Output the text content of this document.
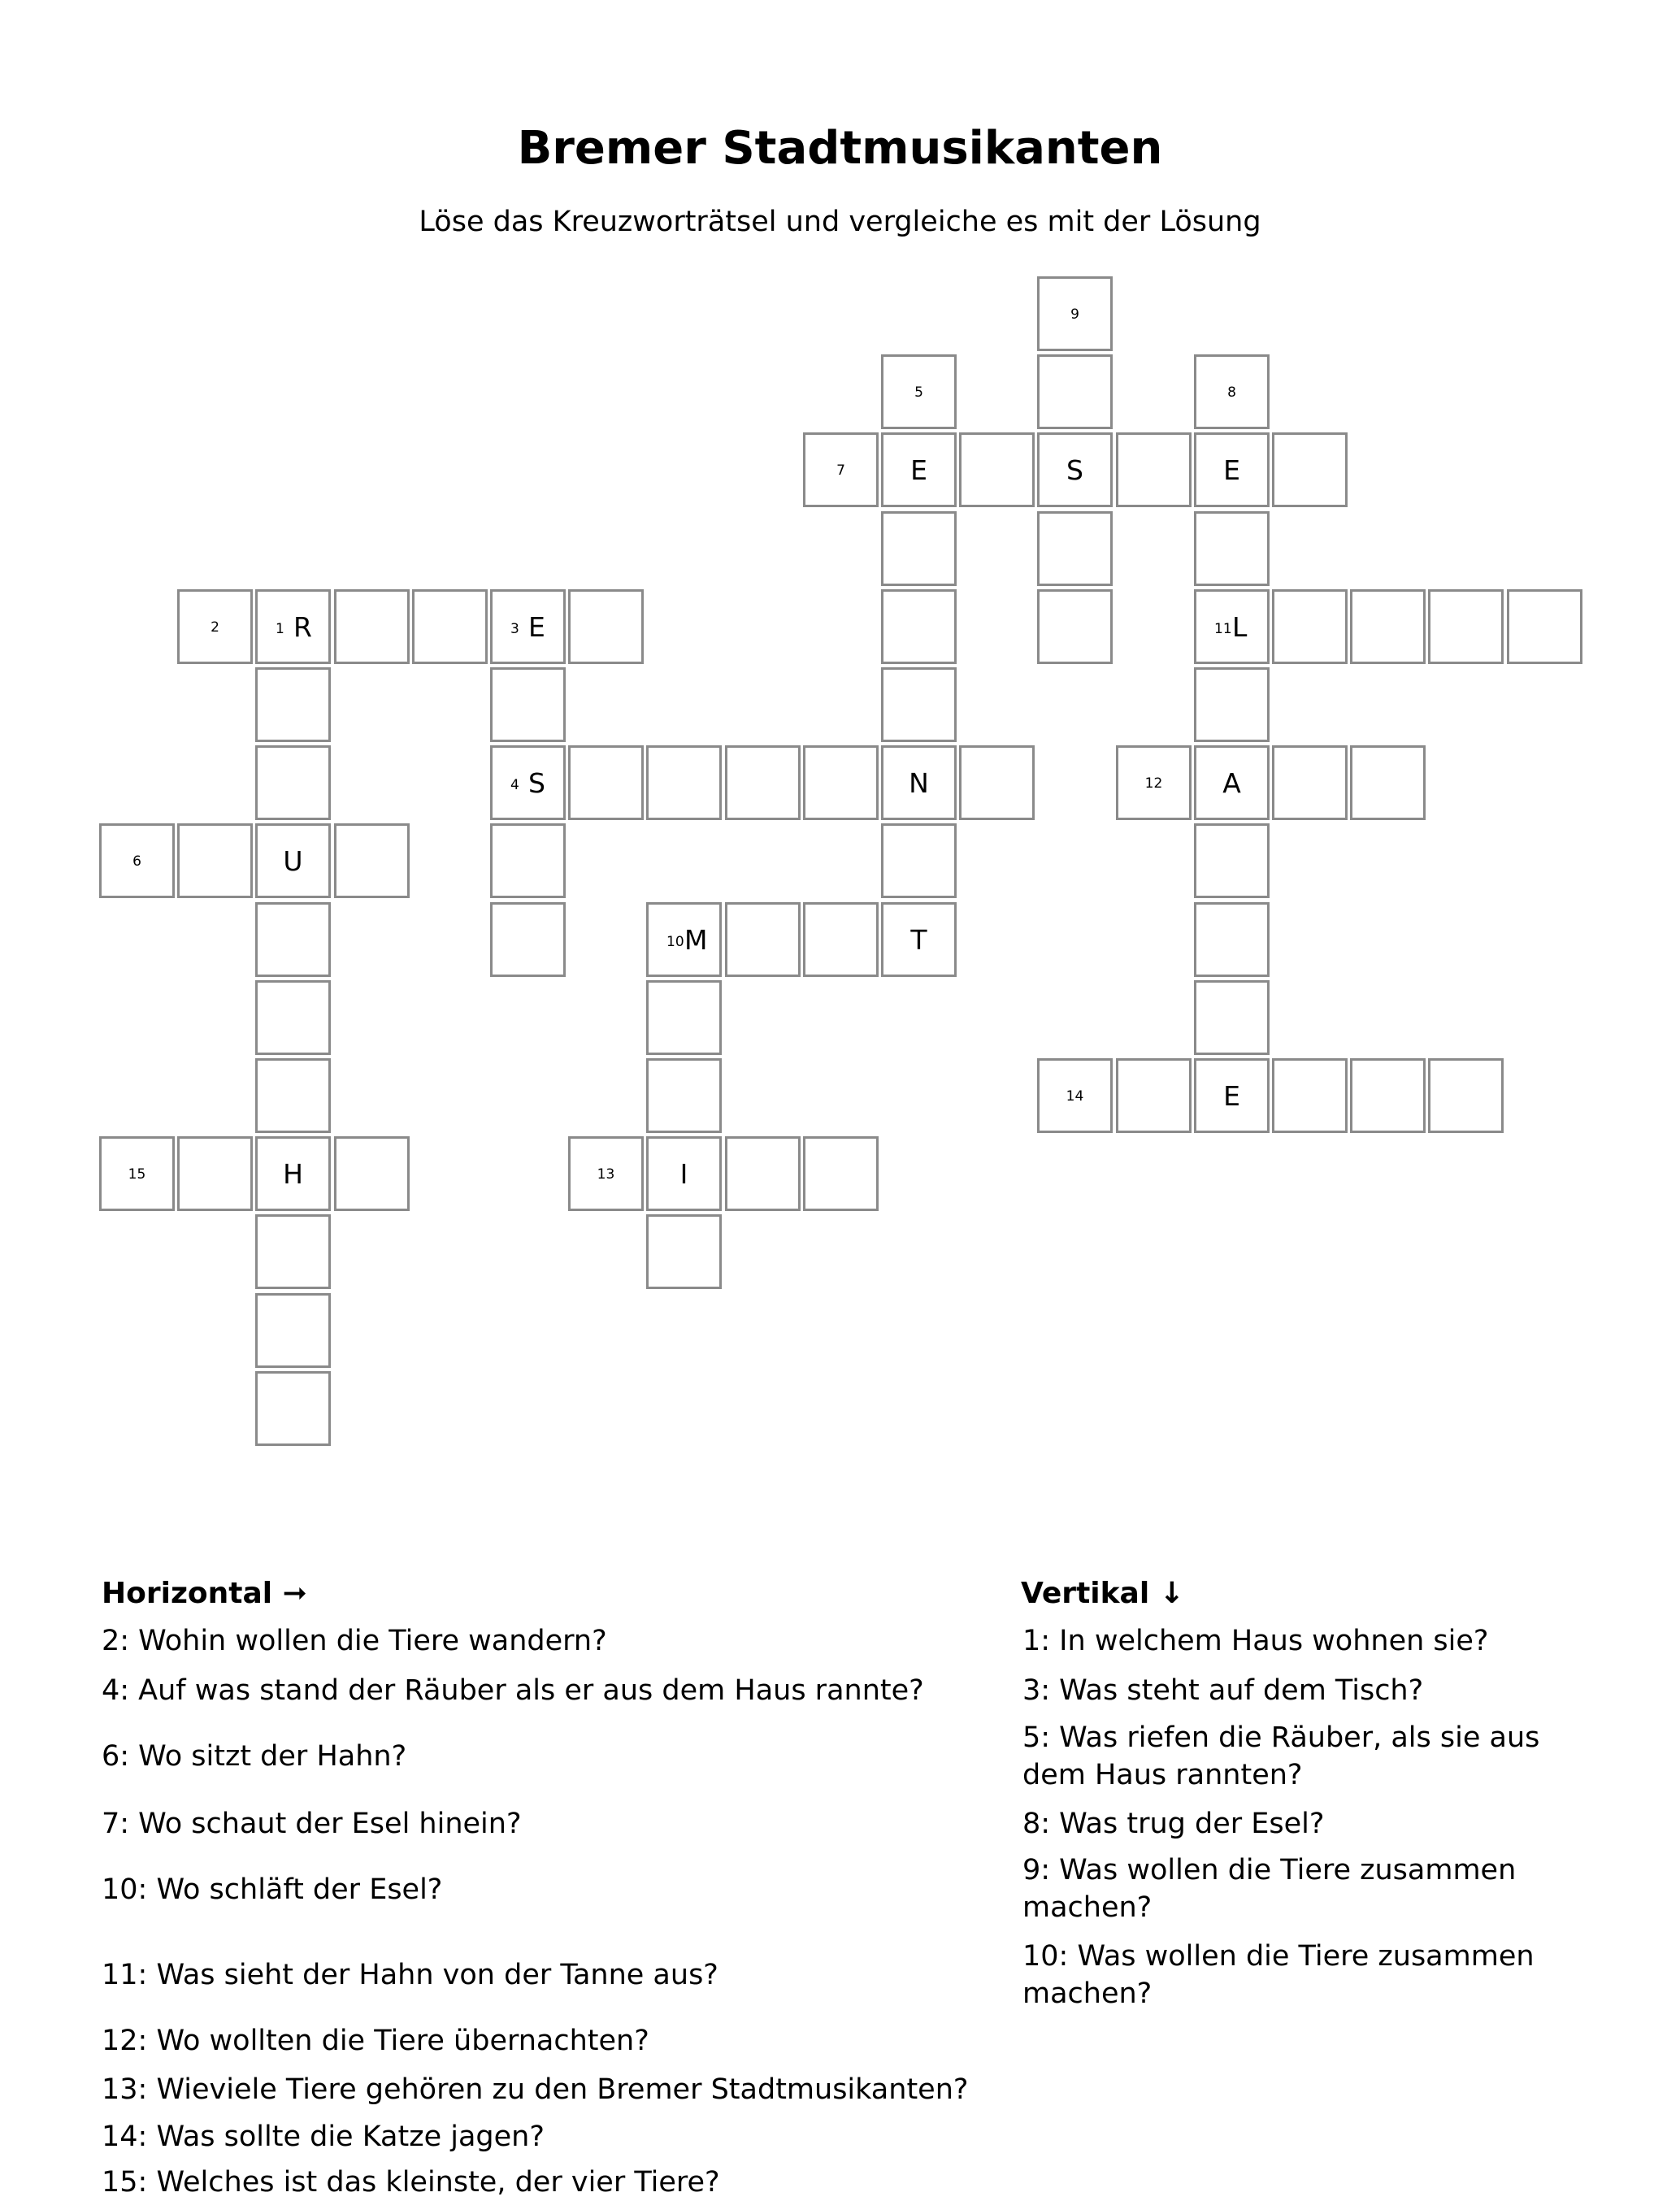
Bremer Stadtmusikanten

Löse das Kreuzworträtsel und vergleiche es mit der Lösung

9
5	8
7	E	S	E
2	1 R	3 E	11 L
4 S	N	12	A
6	U
10 M	T
14	E
15	H	13	I
Horizontal ➞
2: Wohin wollen die Tiere wandern?
4: Auf was stand der Räuber als er aus dem Haus rannte?
6: Wo sitzt der Hahn?
7: Wo schaut der Esel hinein?
10: Wo schläft der Esel?
11: Was sieht der Hahn von der Tanne aus?
12: Wo wollten die Tiere übernachten?
13: Wieviele Tiere gehören zu den Bremer Stadtmusikanten?
14: Was sollte die Katze jagen?
15: Welches ist das kleinste, der vier Tiere?
Vertikal ↓
1: In welchem Haus wohnen sie?
3: Was steht auf dem Tisch?
5: Was riefen die Räuber, als sie aus dem Haus rannten?
8: Was trug der Esel?
9: Was wollen die Tiere zusammen machen?
10: Was wollen die Tiere zusammen machen?
